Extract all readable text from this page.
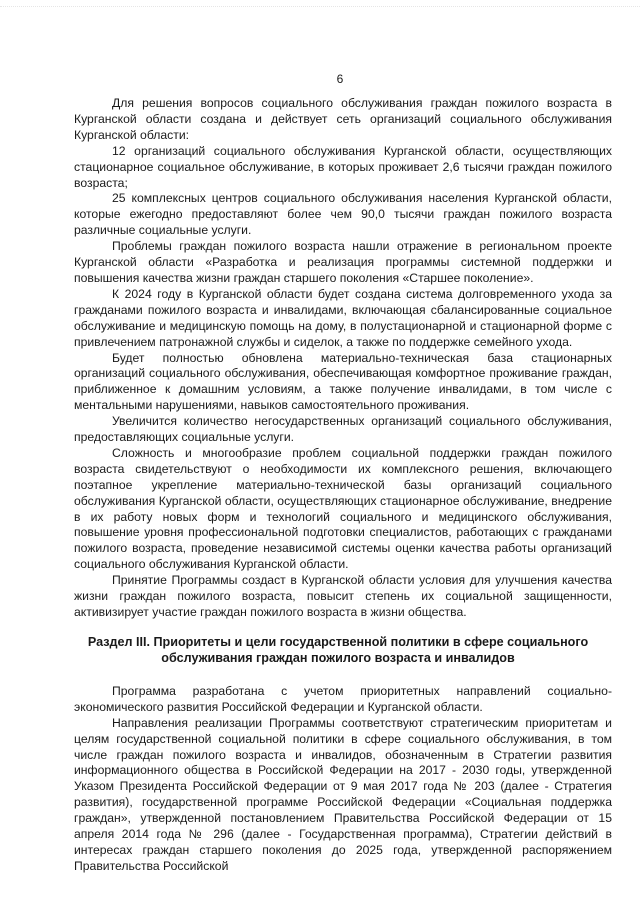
6

Для решения вопросов социального обслуживания граждан пожилого возраста в Курганской области создана и действует сеть организаций социального обслуживания Курганской области:

12 организаций социального обслуживания Курганской области, осуществляющих стационарное социальное обслуживание, в которых проживает 2,6 тысячи граждан пожилого возраста;

25 комплексных центров социального обслуживания населения Курганской области, которые ежегодно предоставляют более чем 90,0 тысячи граждан пожилого возраста различные социальные услуги.

Проблемы граждан пожилого возраста нашли отражение в региональном проекте Курганской области «Разработка и реализация программы системной поддержки и повышения качества жизни граждан старшего поколения «Старшее поколение».

К 2024 году в Курганской области будет создана система долговременного ухода за гражданами пожилого возраста и инвалидами, включающая сбалансированные социальное обслуживание и медицинскую помощь на дому, в полустационарной и стационарной форме с привлечением патронажной службы и сиделок, а также по поддержке семейного ухода.

Будет полностью обновлена материально-техническая база стационарных организаций социального обслуживания, обеспечивающая комфортное проживание граждан, приближенное к домашним условиям, а также получение инвалидами, в том числе с ментальными нарушениями, навыков самостоятельного проживания.

Увеличится количество негосударственных организаций социального обслуживания, предоставляющих социальные услуги.

Сложность и многообразие проблем социальной поддержки граждан пожилого возраста свидетельствуют о необходимости их комплексного решения, включающего поэтапное укрепление материально-технической базы организаций социального обслуживания Курганской области, осуществляющих стационарное обслуживание, внедрение в их работу новых форм и технологий социального и медицинского обслуживания, повышение уровня профессиональной подготовки специалистов, работающих с гражданами пожилого возраста, проведение независимой системы оценки качества работы организаций социального обслуживания Курганской области.

Принятие Программы создаст в Курганской области условия для улучшения качества жизни граждан пожилого возраста, повысит степень их социальной защищенности, активизирует участие граждан пожилого возраста в жизни общества.

Раздел III. Приоритеты и цели государственной политики в сфере социального обслуживания граждан пожилого возраста и инвалидов

Программа разработана с учетом приоритетных направлений социально-экономического развития Российской Федерации и Курганской области.

Направления реализации Программы соответствуют стратегическим приоритетам и целям государственной социальной политики в сфере социального обслуживания, в том числе граждан пожилого возраста и инвалидов, обозначенным в Стратегии развития информационного общества в Российской Федерации на 2017 - 2030 годы, утвержденной Указом Президента Российской Федерации от 9 мая 2017 года № 203 (далее - Стратегия развития), государственной программе Российской Федерации «Социальная поддержка граждан», утвержденной постановлением Правительства Российской Федерации от 15 апреля 2014 года № 296 (далее - Государственная программа), Стратегии действий в интересах граждан старшего поколения до 2025 года, утвержденной распоряжением Правительства Российской
